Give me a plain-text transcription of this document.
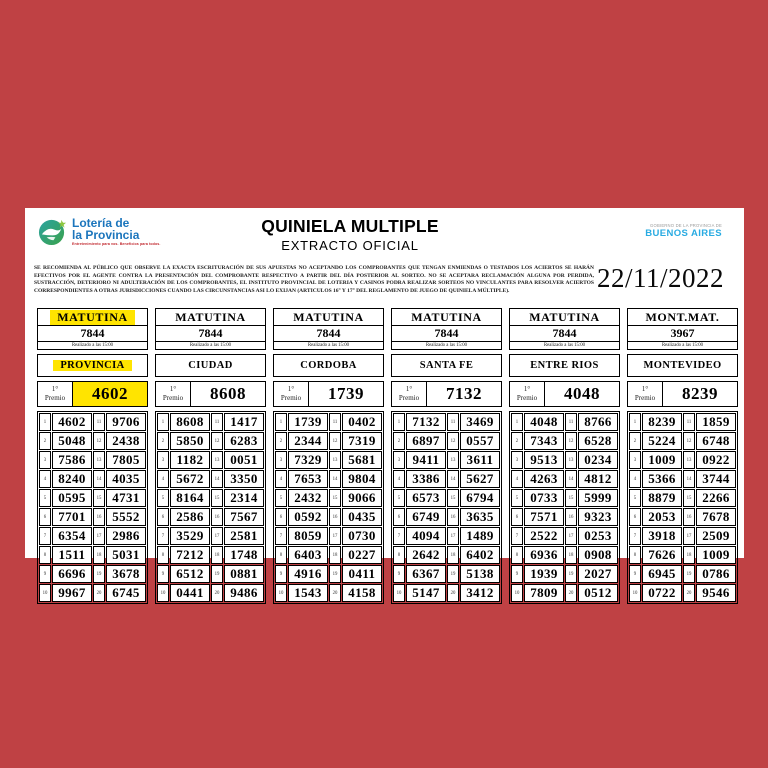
Lotería de
la Provincia
Entretenimiento para vos. Beneficios para todos.
QUINIELA MULTIPLE
EXTRACTO OFICIAL
GOBIERNO DE LA PROVINCIA DE
BUENOS AIRES
SE RECOMIENDA AL PÚBLICO QUE OBSERVE LA EXACTA ESCRITURACIÓN DE SUS APUESTAS NO ACEPTANDO LOS COMPROBANTES QUE TENGAN ENMIENDAS O TESTADOS LOS ACIERTOS SE HARÁN EFECTIVOS POR EL AGENTE CONTRA LA PRESENTACIÓN DEL COMPROBANTE RESPECTIVO A PARTIR DEL DÍA POSTERIOR AL SORTEO. NO SE ACEPTARA RECLAMACIÓN ALGUNA POR PERDIDA, SUSTRACCIÓN, DETERIORO NI ADULTERACIÓN DE LOS COMPROBANTES, EL INSTITUTO PROVINCIAL DE LOTERIA Y CASINOS PODRA REALIZAR SORTEOS NO VINCULANTES PARA RESOLVER ACIERTOS CORRESPONDIENTES A OTRAS JURISDICCIONES CUANDO LAS CIRCUNSTANCIAS ASI LO EXIJAN (ARTICULOS 16° Y 17° DEL REGLAMENTO DE JUEGO DE QUINIELA MÚLTIPLE).	22/11/2022
MATUTINA
7844
Realizado a las 15:00
PROVINCIA
1°
Premio	4602
1	4602	11	9706
2	5048	12	2438
3	7586	13	7805
4	8240	14	4035
5	0595	15	4731
6	7701	16	5552
7	6354	17	2986
8	1511	18	5031
9	6696	19	3678
10	9967	20	6745
MATUTINA
7844
Realizado a las 15:00
CIUDAD
1°
Premio	8608
1	8608	11	1417
2	5850	12	6283
3	1182	13	0051
4	5672	14	3350
5	8164	15	2314
6	2586	16	7567
7	3529	17	2581
8	7212	18	1748
9	6512	19	0881
10	0441	20	9486
MATUTINA
7844
Realizado a las 15:00
CORDOBA
1°
Premio	1739
1	1739	11	0402
2	2344	12	7319
3	7329	13	5681
4	7653	14	9804
5	2432	15	9066
6	0592	16	0435
7	8059	17	0730
8	6403	18	0227
9	4916	19	0411
10	1543	20	4158
MATUTINA
7844
Realizado a las 15:00
SANTA FE
1°
Premio	7132
1	7132	11	3469
2	6897	12	0557
3	9411	13	3611
4	3386	14	5627
5	6573	15	6794
6	6749	16	3635
7	4094	17	1489
8	2642	18	6402
9	6367	19	5138
10	5147	20	3412
MATUTINA
7844
Realizado a las 15:00
ENTRE RIOS
1°
Premio	4048
1	4048	11	8766
2	7343	12	6528
3	9513	13	0234
4	4263	14	4812
5	0733	15	5999
6	7571	16	9323
7	2522	17	0253
8	6936	18	0908
9	1939	19	2027
10	7809	20	0512
MONT.MAT.
3967
Realizado a las 15:00
MONTEVIDEO
1°
Premio	8239
1	8239	11	1859
2	5224	12	6748
3	1009	13	0922
4	5366	14	3744
5	8879	15	2266
6	2053	16	7678
7	3918	17	2509
8	7626	18	1009
9	6945	19	0786
10	0722	20	9546
